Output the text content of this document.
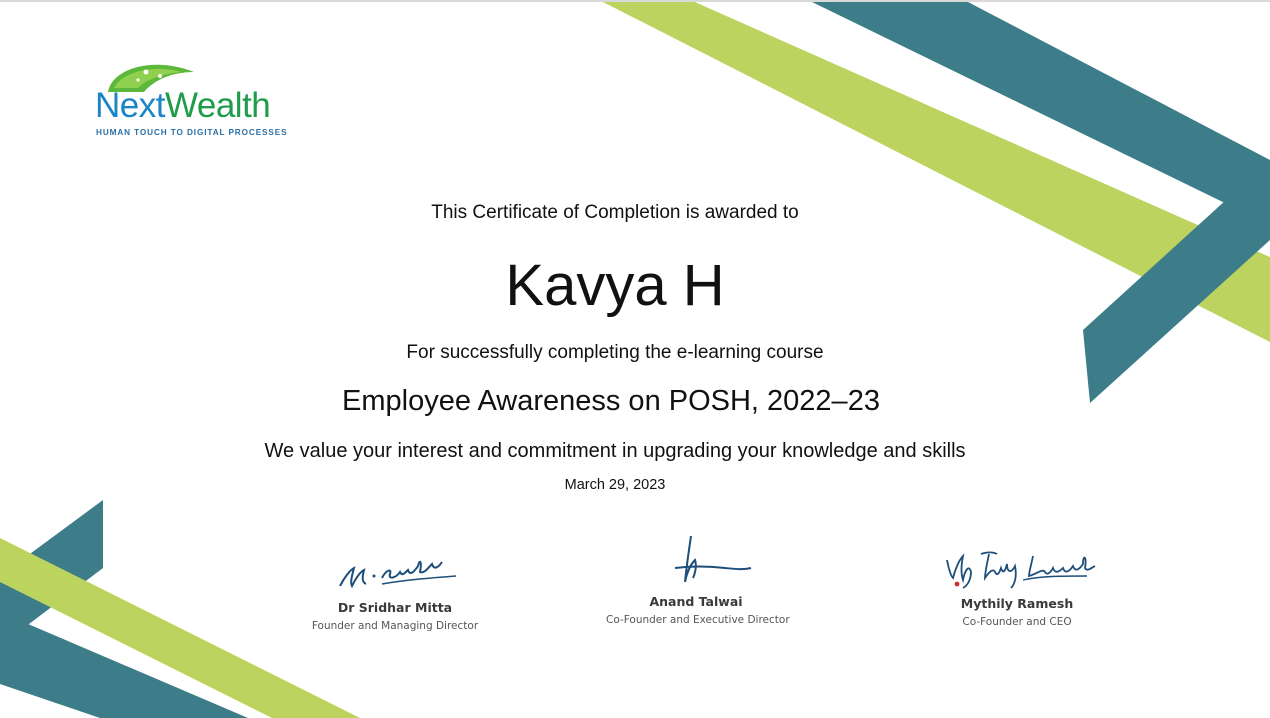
NextWealth
HUMAN TOUCH TO DIGITAL PROCESSES
This Certificate of Completion is awarded to
Kavya H
For successfully completing the e-learning course
Employee Awareness on POSH, 2022–23
We value your interest and commitment in upgrading your knowledge and skills
March 29, 2023
Dr Sridhar Mitta
Founder and Managing Director
Anand Talwai
Co-Founder and Executive Director
Mythily Ramesh
Co-Founder and CEO
